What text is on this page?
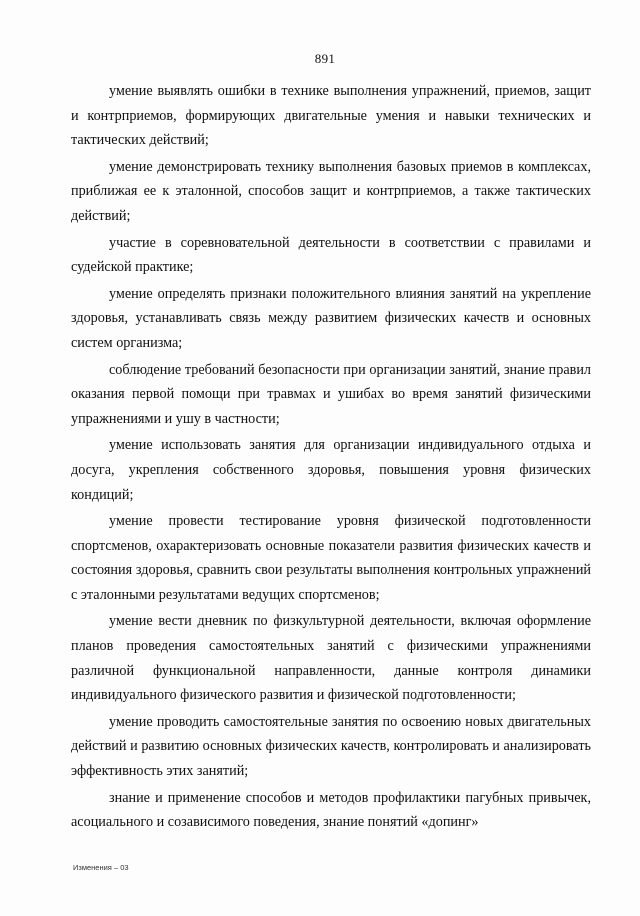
891

умение выявлять ошибки в технике выполнения упражнений, приемов, защит и контрприемов, формирующих двигательные умения и навыки технических и тактических действий;

умение демонстрировать технику выполнения базовых приемов в комплексах, приближая ее к эталонной, способов защит и контрприемов, а также тактических действий;

участие в соревновательной деятельности в соответствии с правилами и судейской практике;

умение определять признаки положительного влияния занятий на укрепление здоровья, устанавливать связь между развитием физических качеств и основных систем организма;

соблюдение требований безопасности при организации занятий, знание правил оказания первой помощи при травмах и ушибах во время занятий физическими упражнениями и ушу в частности;

умение использовать занятия для организации индивидуального отдыха и досуга, укрепления собственного здоровья, повышения уровня физических кондиций;

умение провести тестирование уровня физической подготовленности спортсменов, охарактеризовать основные показатели развития физических качеств и состояния здоровья, сравнить свои результаты выполнения контрольных упражнений с эталонными результатами ведущих спортсменов;

умение вести дневник по физкультурной деятельности, включая оформление планов проведения самостоятельных занятий с физическими упражнениями различной функциональной направленности, данные контроля динамики индивидуального физического развития и физической подготовленности;

умение проводить самостоятельные занятия по освоению новых двигательных действий и развитию основных физических качеств, контролировать и анализировать эффективность этих занятий;

знание и применение способов и методов профилактики пагубных привычек, асоциального и созависимого поведения, знание понятий «допинг»

Изменения – 03
